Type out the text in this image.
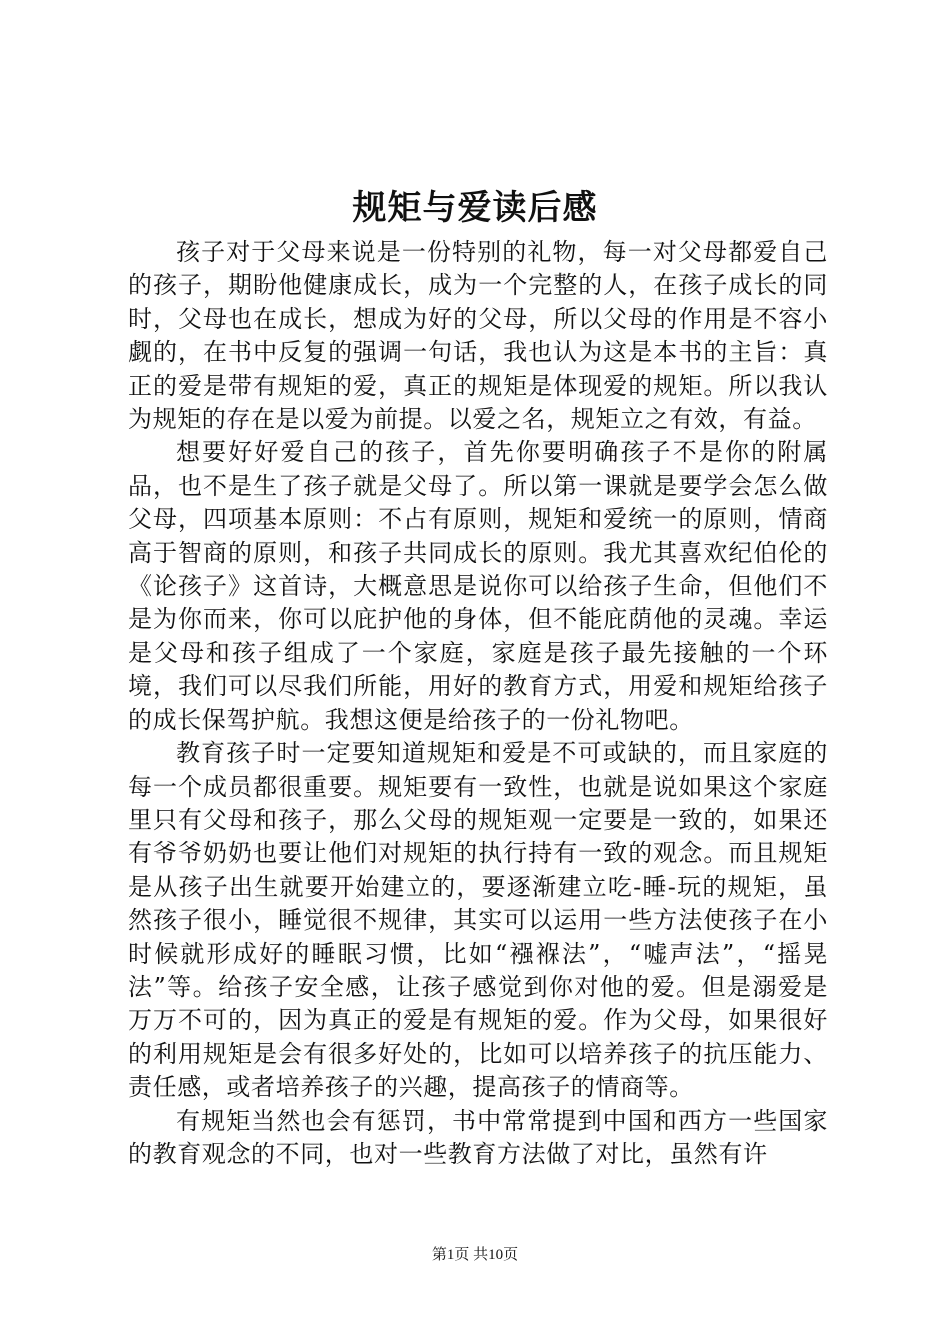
规矩与爱读后感

孩子对于父母来说是一份特别的礼物，每一对父母都爱自己的孩子，期盼他健康成长，成为一个完整的人，在孩子成长的同时，父母也在成长，想成为好的父母，所以父母的作用是不容小觑的，在书中反复的强调一句话，我也认为这是本书的主旨：真正的爱是带有规矩的爱，真正的规矩是体现爱的规矩。所以我认为规矩的存在是以爱为前提。以爱之名，规矩立之有效，有益。

想要好好爱自己的孩子，首先你要明确孩子不是你的附属品，也不是生了孩子就是父母了。所以第一课就是要学会怎么做父母，四项基本原则：不占有原则，规矩和爱统一的原则，情商高于智商的原则，和孩子共同成长的原则。我尤其喜欢纪伯伦的《论孩子》这首诗，大概意思是说你可以给孩子生命，但他们不是为你而来，你可以庇护他的身体，但不能庇荫他的灵魂。幸运是父母和孩子组成了一个家庭，家庭是孩子最先接触的一个环境，我们可以尽我们所能，用好的教育方式，用爱和规矩给孩子的成长保驾护航。我想这便是给孩子的一份礼物吧。

教育孩子时一定要知道规矩和爱是不可或缺的，而且家庭的每一个成员都很重要。规矩要有一致性，也就是说如果这个家庭里只有父母和孩子，那么父母的规矩观一定要是一致的，如果还有爷爷奶奶也要让他们对规矩的执行持有一致的观念。而且规矩是从孩子出生就要开始建立的，要逐渐建立吃-睡-玩的规矩，虽然孩子很小，睡觉很不规律，其实可以运用一些方法使孩子在小时候就形成好的睡眠习惯，比如“襁褓法”，“嘘声法”，“摇晃法”等。给孩子安全感，让孩子感觉到你对他的爱。但是溺爱是万万不可的，因为真正的爱是有规矩的爱。作为父母，如果很好的利用规矩是会有很多好处的，比如可以培养孩子的抗压能力、责任感，或者培养孩子的兴趣，提高孩子的情商等。

有规矩当然也会有惩罚，书中常常提到中国和西方一些国家的教育观念的不同，也对一些教育方法做了对比，虽然有许

第1页 共10页
